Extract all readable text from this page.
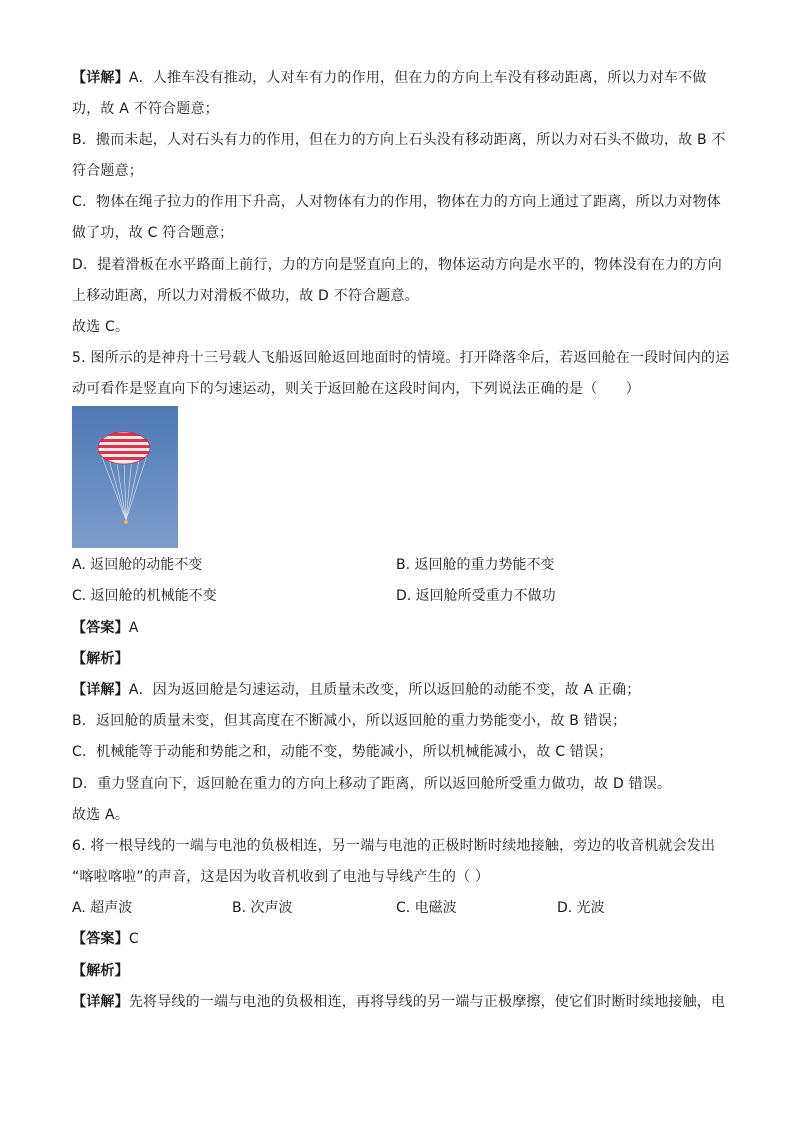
【详解】A．人推车没有推动，人对车有力的作用，但在力的方向上车没有移动距离，所以力对车不做
功，故 A 不符合题意；
B．搬而未起，人对石头有力的作用，但在力的方向上石头没有移动距离，所以力对石头不做功，故 B 不
符合题意；
C．物体在绳子拉力的作用下升高，人对物体有力的作用，物体在力的方向上通过了距离，所以力对物体
做了功，故 C 符合题意；
D．提着滑板在水平路面上前行，力的方向是竖直向上的，物体运动方向是水平的，物体没有在力的方向
上移动距离，所以力对滑板不做功，故 D 不符合题意。
故选 C。
5. 图所示的是神舟十三号载人飞船返回舱返回地面时的情境。打开降落伞后，若返回舱在一段时间内的运
动可看作是竖直向下的匀速运动，则关于返回舱在这段时间内，下列说法正确的是（　　）
A. 返回舱的动能不变	B. 返回舱的重力势能不变
C. 返回舱的机械能不变	D. 返回舱所受重力不做功
【答案】A
【解析】
【详解】A．因为返回舱是匀速运动，且质量未改变，所以返回舱的动能不变，故 A 正确；
B．返回舱的质量未变，但其高度在不断减小，所以返回舱的重力势能变小，故 B 错误；
C．机械能等于动能和势能之和，动能不变，势能减小，所以机械能减小，故 C 错误；
D．重力竖直向下，返回舱在重力的方向上移动了距离，所以返回舱所受重力做功，故 D 错误。
故选 A。
6. 将一根导线的一端与电池的负极相连，另一端与电池的正极时断时续地接触，旁边的收音机就会发出
“喀啦喀啦”的声音，这是因为收音机收到了电池与导线产生的（ ）
A. 超声波	B. 次声波	C. 电磁波	D. 光波
【答案】C
【解析】
【详解】先将导线的一端与电池的负极相连，再将导线的另一端与正极摩擦，使它们时断时续地接触，电
